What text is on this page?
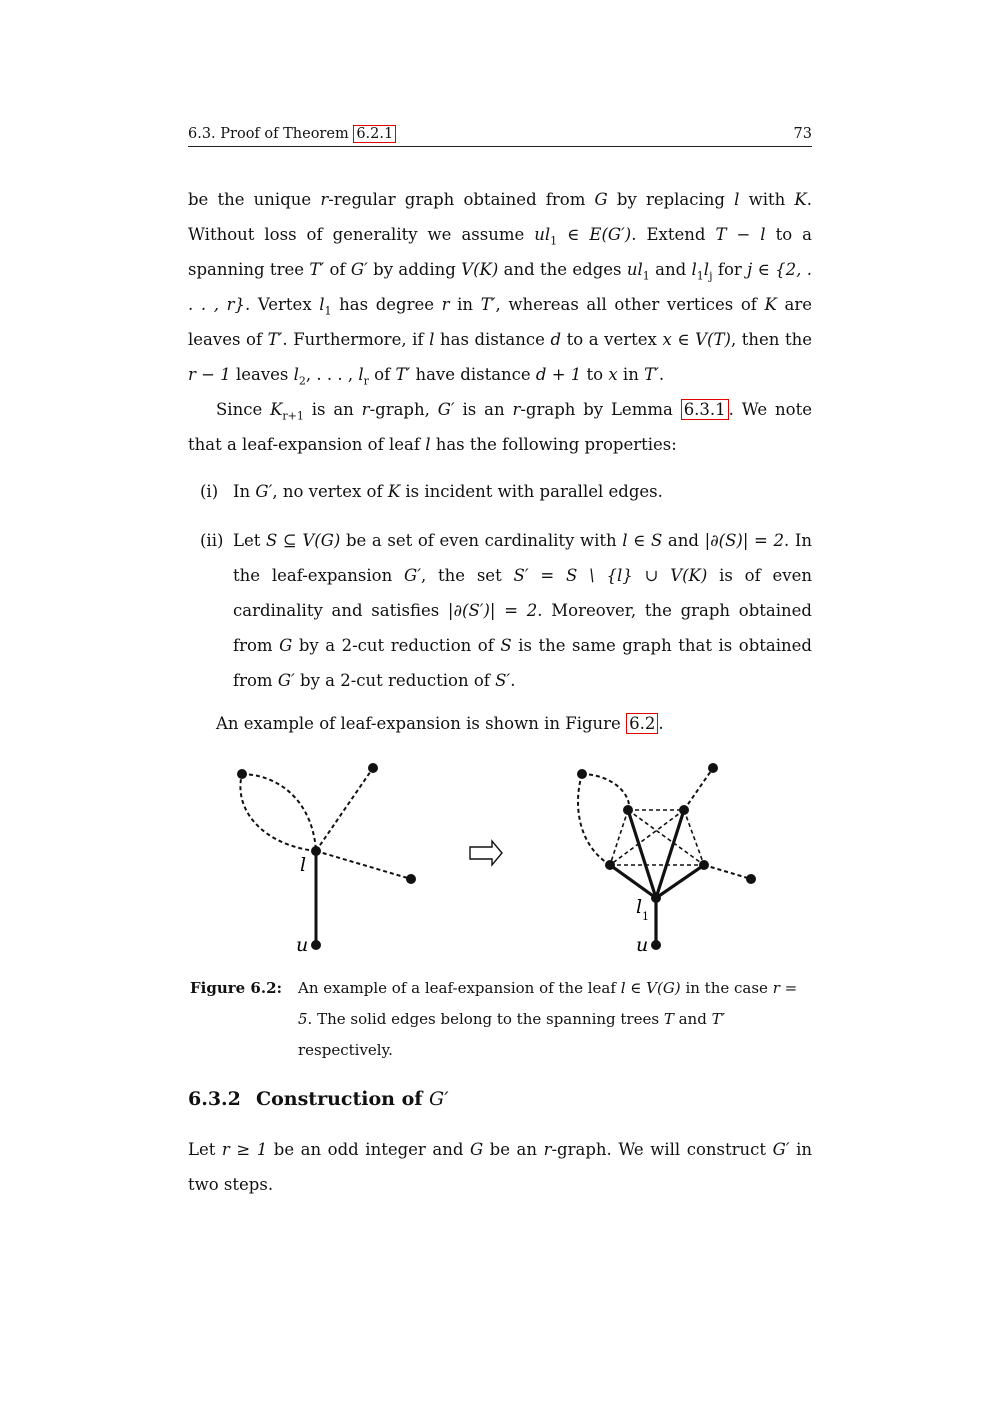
6.3. Proof of Theorem 6.2.1	73

be the unique r-regular graph obtained from G by replacing l with K. Without loss of generality we assume $ul_1$ ∈ E(G′). Extend T − l to a spanning tree T′ of G′ by adding V(K) and the edges $ul_1$ and $l_1l_j$ for j ∈ {2, . . . , r}. Vertex $l_1$ has degree r in T′, whereas all other vertices of K are leaves of T′. Furthermore, if l has distance d to a vertex x ∈ V(T), then the r − 1 leaves $l_2$, . . . , $l_r$ of T′ have distance d + 1 to x in T′.

Since $K_{r+1}$ is an r-graph, G′ is an r-graph by Lemma 6.3.1 . We note that a leaf-expansion of leaf l has the following properties:

(i) In G′, no vertex of K is incident with parallel edges.
(ii) Let S ⊆ V(G) be a set of even cardinality with l ∈ S and |∂(S)| = 2. In the leaf-expansion G′, the set S′ = S \ {l} ∪ V(K) is of even cardinality and satisfies |∂(S′)| = 2. Moreover, the graph obtained from G by a 2-cut reduction of S is the same graph that is obtained from G′ by a 2-cut reduction of S′.

An example of leaf-expansion is shown in Figure 6.2 .

l
u
l 1
u
Figure 6.2: An example of a leaf-expansion of the leaf l ∈ V(G) in the case r = 5. The solid edges belong to the spanning trees T and T′ respectively.
6.3.2 Construction of G′

Let r ≥ 1 be an odd integer and G be an r-graph. We will construct G′ in two steps.
